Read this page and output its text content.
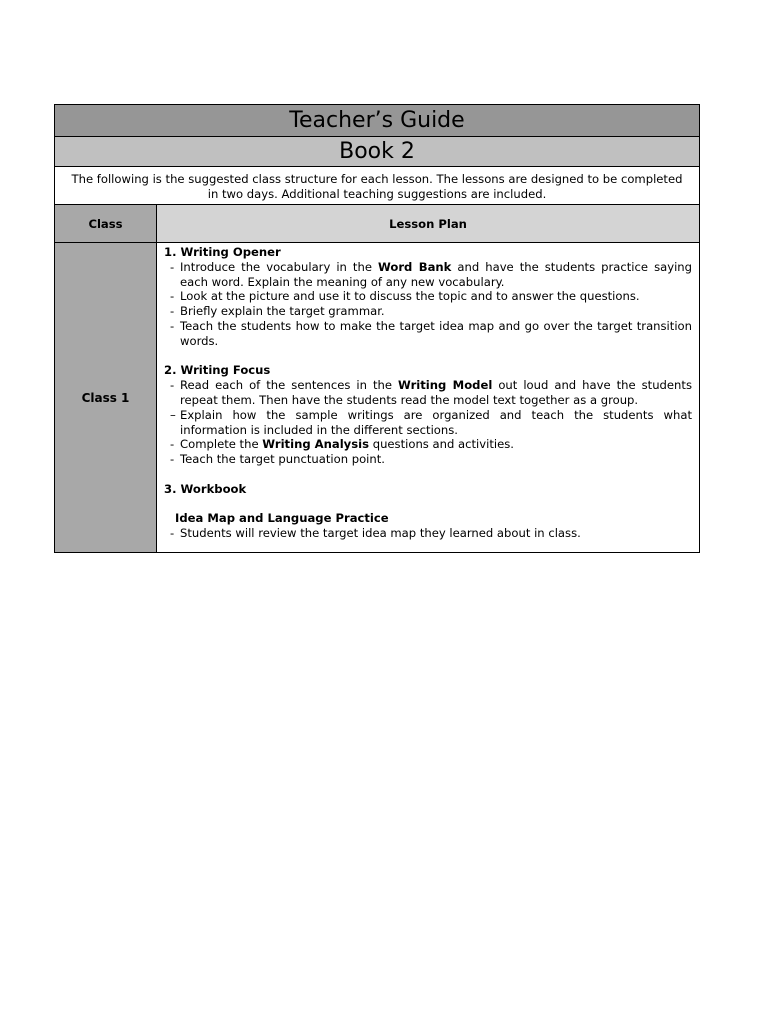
Teacher’s Guide
Book 2
The following is the suggested class structure for each lesson. The lessons are designed to be completed in two days. Additional teaching suggestions are included.
Class	Lesson Plan
Class 1
1. Writing Opener
- Introduce the vocabulary in the Word Bank and have the students practice saying each word. Explain the meaning of any new vocabulary.
- Look at the picture and use it to discuss the topic and to answer the questions.
- Briefly explain the target grammar.
- Teach the students how to make the target idea map and go over the target transition words.
2. Writing Focus
- Read each of the sentences in the Writing Model out loud and have the students repeat them. Then have the students read the model text together as a group.
– Explain how the sample writings are organized and teach the students what information is included in the different sections.
- Complete the Writing Analysis questions and activities.
- Teach the target punctuation point.
3. Workbook
Idea Map and Language Practice
- Students will review the target idea map they learned about in class.
